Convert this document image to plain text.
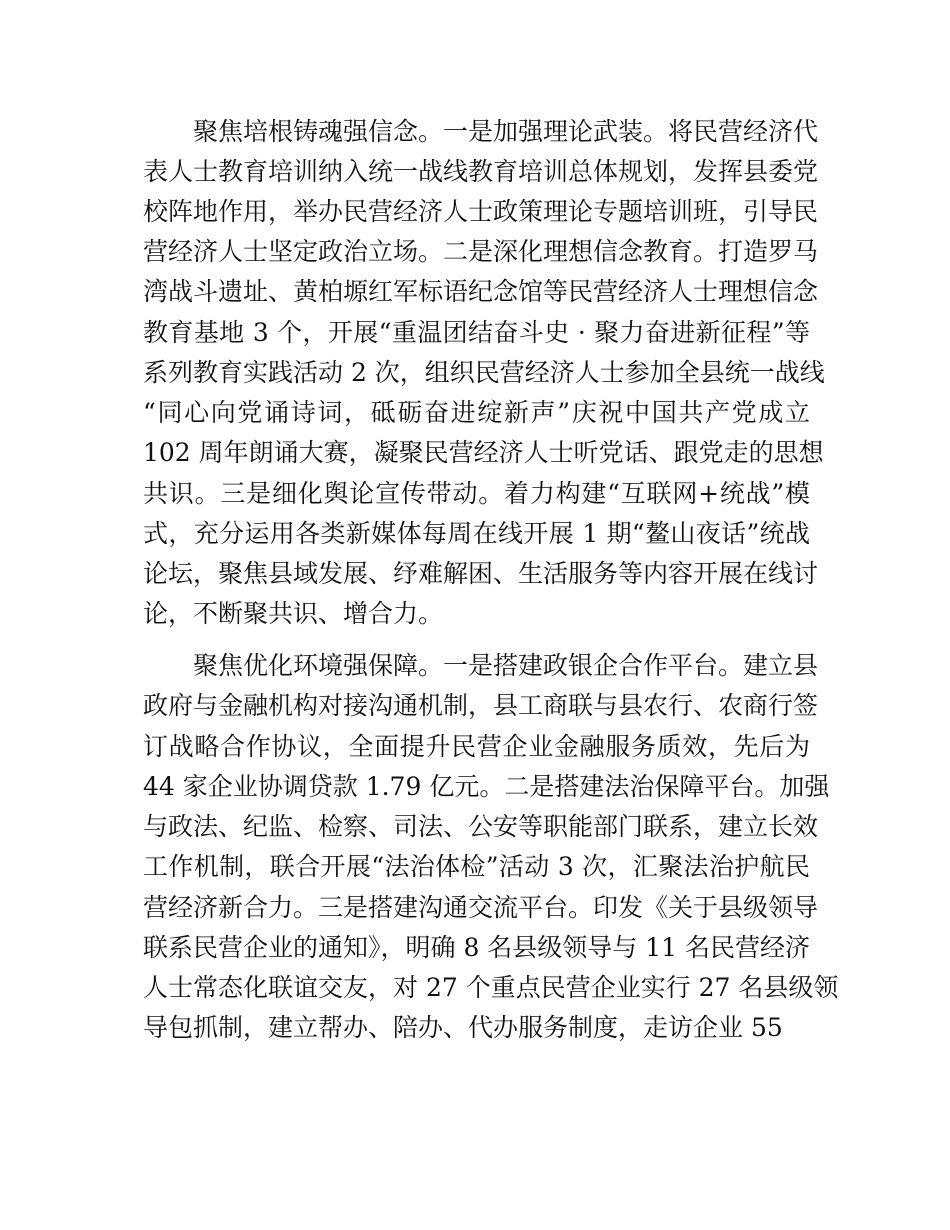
聚焦培根铸魂强信念。一是加强理论武装。将民营经济代
表人士教育培训纳入统一战线教育培训总体规划，发挥县委党
校阵地作用，举办民营经济人士政策理论专题培训班，引导民
营经济人士坚定政治立场。二是深化理想信念教育。打造罗马
湾战斗遗址、黄柏塬红军标语纪念馆等民营经济人士理想信念
教育基地 3 个，开展“重温团结奋斗史 · 聚力奋进新征程”等
系列教育实践活动 2 次，组织民营经济人士参加全县统一战线
“同心向党诵诗词，砥砺奋进绽新声”庆祝中国共产党成立
102 周年朗诵大赛，凝聚民营经济人士听党话、跟党走的思想
共识。三是细化舆论宣传带动。着力构建“互联网+统战”模
式，充分运用各类新媒体每周在线开展 1 期“鳌山夜话”统战
论坛，聚焦县域发展、纾难解困、生活服务等内容开展在线讨
论，不断聚共识、增合力。
聚焦优化环境强保障。一是搭建政银企合作平台。建立县
政府与金融机构对接沟通机制，县工商联与县农行、农商行签
订战略合作协议，全面提升民营企业金融服务质效，先后为
44 家企业协调贷款 1.79 亿元。二是搭建法治保障平台。加强
与政法、纪监、检察、司法、公安等职能部门联系，建立长效
工作机制，联合开展“法治体检”活动 3 次，汇聚法治护航民
营经济新合力。三是搭建沟通交流平台。印发《关于县级领导
联系民营企业的通知》，明确 8 名县级领导与 11 名民营经济
人士常态化联谊交友，对 27 个重点民营企业实行 27 名县级领
导包抓制，建立帮办、陪办、代办服务制度，走访企业 55
